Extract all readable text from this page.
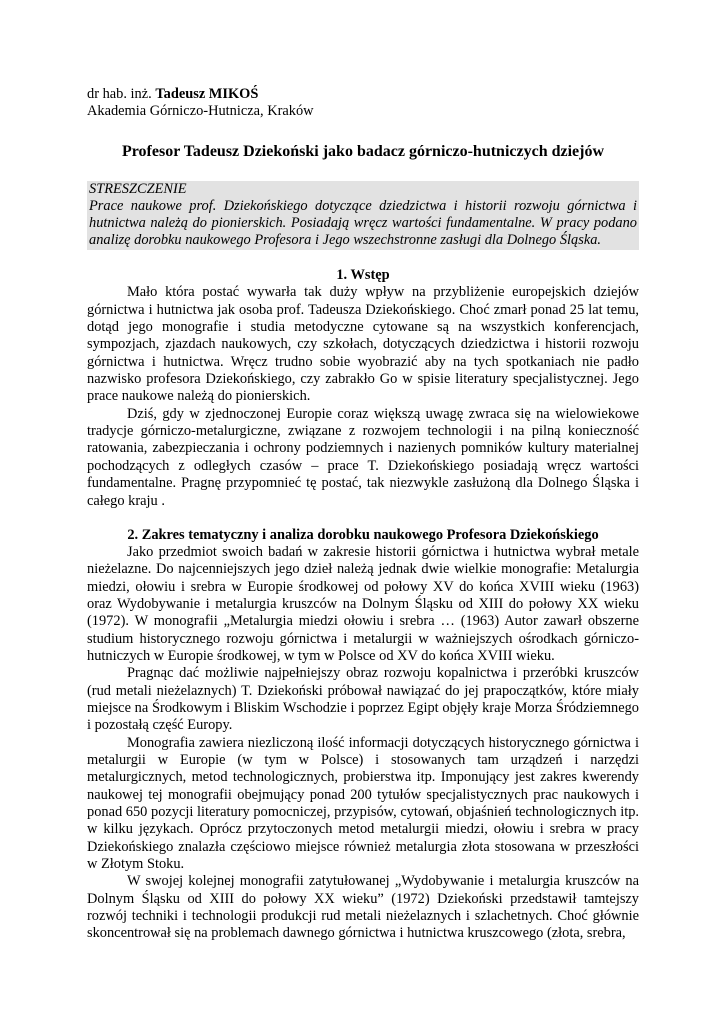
dr hab. inż. Tadeusz MIKOŚ
Akademia Górniczo-Hutnicza, Kraków
Profesor Tadeusz Dziekoński jako badacz górniczo-hutniczych dziejów
STRESZCZENIE
Prace naukowe prof. Dziekońskiego dotyczące dziedzictwa i historii rozwoju górnictwa i hutnictwa należą do pionierskich. Posiadają wręcz wartości fundamentalne. W pracy podano analizę dorobku naukowego Profesora i Jego wszechstronne zasługi dla Dolnego Śląska.
1. Wstęp

Mało która postać wywarła tak duży wpływ na przybliżenie europejskich dziejów górnictwa i hutnictwa jak osoba prof. Tadeusza Dziekońskiego. Choć zmarł ponad 25 lat temu, dotąd jego monografie i studia metodyczne cytowane są na wszystkich konferencjach, sympozjach, zjazdach naukowych, czy szkołach, dotyczących dziedzictwa i historii rozwoju górnictwa i hutnictwa. Wręcz trudno sobie wyobrazić aby na tych spotkaniach nie padło nazwisko profesora Dziekońskiego, czy zabrakło Go w spisie literatury specjalistycznej. Jego prace naukowe należą do pionierskich.

Dziś, gdy w zjednoczonej Europie coraz większą uwagę zwraca się na wielowiekowe tradycje górniczo-metalurgiczne, związane z rozwojem technologii i na pilną konieczność ratowania, zabezpieczania i ochrony podziemnych i nazienych pomników kultury materialnej pochodzących z odległych czasów – prace T. Dziekońskiego posiadają wręcz wartości fundamentalne. Pragnę przypomnieć tę postać, tak niezwykle zasłużoną dla Dolnego Śląska i całego kraju .

2. Zakres tematyczny i analiza dorobku naukowego Profesora Dziekońskiego

Jako przedmiot swoich badań w zakresie historii górnictwa i hutnictwa wybrał metale nieżelazne. Do najcenniejszych jego dzieł należą jednak dwie wielkie monografie: Metalurgia miedzi, ołowiu i srebra w Europie środkowej od połowy XV do końca XVIII wieku (1963) oraz Wydobywanie i metalurgia kruszców na Dolnym Śląsku od XIII do połowy XX wieku (1972). W monografii „Metalurgia miedzi ołowiu i srebra … (1963) Autor zawarł obszerne studium historycznego rozwoju górnictwa i metalurgii w ważniejszych ośrodkach górniczo-hutniczych w Europie środkowej, w tym w Polsce od XV do końca XVIII wieku.

Pragnąc dać możliwie najpełniejszy obraz rozwoju kopalnictwa i przeróbki kruszców (rud metali nieżelaznych) T. Dziekoński próbował nawiązać do jej prapoczątków, które miały miejsce na Środkowym i Bliskim Wschodzie i poprzez Egipt objęły kraje Morza Śródziemnego i pozostałą część Europy.

Monografia zawiera niezliczoną ilość informacji dotyczących historycznego górnictwa i metalurgii w Europie (w tym w Polsce) i stosowanych tam urządzeń i narzędzi metalurgicznych, metod technologicznych, probierstwa itp. Imponujący jest zakres kwerendy naukowej tej monografii obejmujący ponad 200 tytułów specjalistycznych prac naukowych i ponad 650 pozycji literatury pomocniczej, przypisów, cytowań, objaśnień technologicznych itp. w kilku językach. Oprócz przytoczonych metod metalurgii miedzi, ołowiu i srebra w pracy Dziekońskiego znalazła częściowo miejsce również metalurgia złota stosowana w przeszłości w Złotym Stoku.

W swojej kolejnej monografii zatytułowanej „Wydobywanie i metalurgia kruszców na Dolnym Śląsku od XIII do połowy XX wieku” (1972) Dziekoński przedstawił tamtejszy rozwój techniki i technologii produkcji rud metali nieżelaznych i szlachetnych. Choć głównie skoncentrował się na problemach dawnego górnictwa i hutnictwa kruszcowego (złota, srebra,
